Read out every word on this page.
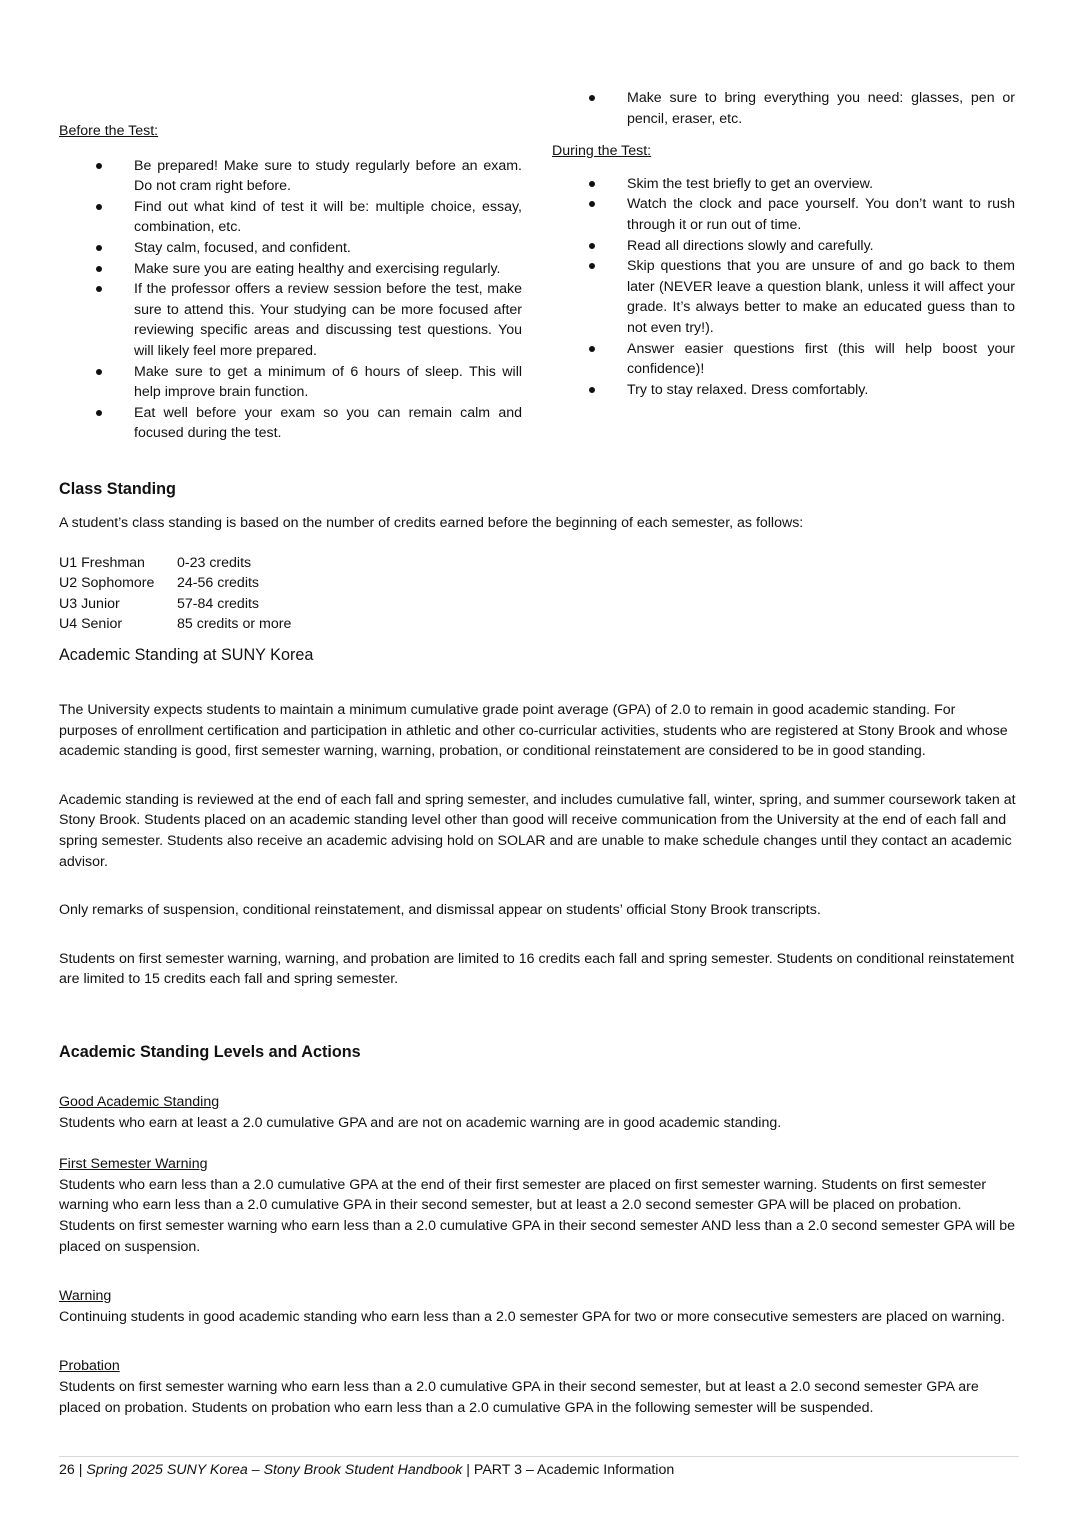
Before the Test:

Be prepared! Make sure to study regularly before an exam. Do not cram right before.
Find out what kind of test it will be: multiple choice, essay, combination, etc.
Stay calm, focused, and confident.
Make sure you are eating healthy and exercising regularly.
If the professor offers a review session before the test, make sure to attend this. Your studying can be more focused after reviewing specific areas and discussing test questions. You will likely feel more prepared.
Make sure to get a minimum of 6 hours of sleep. This will help improve brain function.
Eat well before your exam so you can remain calm and focused during the test.
Make sure to bring everything you need: glasses, pen or pencil, eraser, etc.

During the Test:

Skim the test briefly to get an overview.
Watch the clock and pace yourself. You don’t want to rush through it or run out of time.
Read all directions slowly and carefully.
Skip questions that you are unsure of and go back to them later (NEVER leave a question blank, unless it will affect your grade. It’s always better to make an educated guess than to not even try!).
Answer easier questions first (this will help boost your confidence)!
Try to stay relaxed. Dress comfortably.

Class Standing

A student’s class standing is based on the number of credits earned before the beginning of each semester, as follows:

U1 Freshman	0-23 credits
U2 Sophomore	24-56 credits
U3 Junior	57-84 credits
U4 Senior	85 credits or more

Academic Standing at SUNY Korea

The University expects students to maintain a minimum cumulative grade point average (GPA) of 2.0 to remain in good academic standing. For purposes of enrollment certification and participation in athletic and other co-curricular activities, students who are registered at Stony Brook and whose academic standing is good, first semester warning, warning, probation, or conditional reinstatement are considered to be in good standing.

Academic standing is reviewed at the end of each fall and spring semester, and includes cumulative fall, winter, spring, and summer coursework taken at Stony Brook. Students placed on an academic standing level other than good will receive communication from the University at the end of each fall and spring semester. Students also receive an academic advising hold on SOLAR and are unable to make schedule changes until they contact an academic advisor.

Only remarks of suspension, conditional reinstatement, and dismissal appear on students’ official Stony Brook transcripts.

Students on first semester warning, warning, and probation are limited to 16 credits each fall and spring semester. Students on conditional reinstatement are limited to 15 credits each fall and spring semester.

Academic Standing Levels and Actions

Good Academic Standing

Students who earn at least a 2.0 cumulative GPA and are not on academic warning are in good academic standing.

First Semester Warning

Students who earn less than a 2.0 cumulative GPA at the end of their first semester are placed on first semester warning. Students on first semester warning who earn less than a 2.0 cumulative GPA in their second semester, but at least a 2.0 second semester GPA will be placed on probation. Students on first semester warning who earn less than a 2.0 cumulative GPA in their second semester AND less than a 2.0 second semester GPA will be placed on suspension.

Warning

Continuing students in good academic standing who earn less than a 2.0 semester GPA for two or more consecutive semesters are placed on warning.

Probation

Students on first semester warning who earn less than a 2.0 cumulative GPA in their second semester, but at least a 2.0 second semester GPA are placed on probation. Students on probation who earn less than a 2.0 cumulative GPA in the following semester will be suspended.

26 | Spring 2025 SUNY Korea – Stony Brook Student Handbook | PART 3 – Academic Information
